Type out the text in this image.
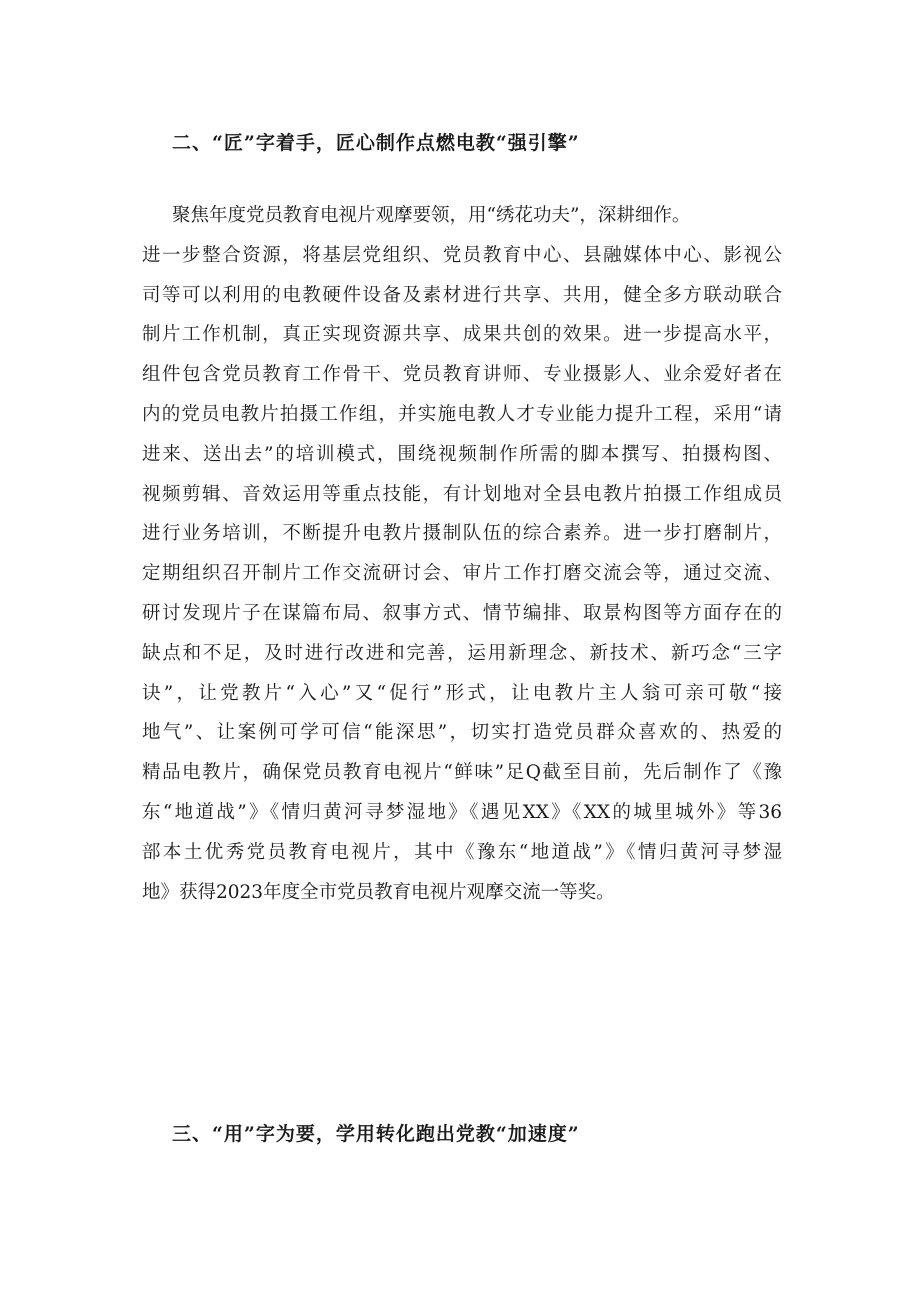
二、“匠”字着手，匠心制作点燃电教“强引擎”
聚焦年度党员教育电视片观摩要领，用“绣花功夫”，深耕细作。
进一步整合资源，将基层党组织、党员教育中心、县融媒体中心、影视公
司等可以利用的电教硬件设备及素材进行共享、共用，健全多方联动联合
制片工作机制，真正实现资源共享、成果共创的效果。进一步提高水平，
组件包含党员教育工作骨干、党员教育讲师、专业摄影人、业余爱好者在
内的党员电教片拍摄工作组，并实施电教人才专业能力提升工程，采用“请
进来、送出去”的培训模式，围绕视频制作所需的脚本撰写、拍摄构图、
视频剪辑、音效运用等重点技能，有计划地对全县电教片拍摄工作组成员
进行业务培训，不断提升电教片摄制队伍的综合素养。进一步打磨制片，
定期组织召开制片工作交流研讨会、审片工作打磨交流会等，通过交流、
研讨发现片子在谋篇布局、叙事方式、情节编排、取景构图等方面存在的
缺点和不足，及时进行改进和完善，运用新理念、新技术、新巧念“三字
诀”，让党教片“入心”又“促行”形式，让电教片主人翁可亲可敬“接
地气”、让案例可学可信“能深思”，切实打造党员群众喜欢的、热爱的
精品电教片，确保党员教育电视片“鲜味”足Q截至目前，先后制作了《豫
东“地道战”》《情归黄河寻梦湿地》《遇见XX》《XX的城里城外》等36
部本土优秀党员教育电视片，其中《豫东“地道战”》《情归黄河寻梦湿
地》获得2023年度全市党员教育电视片观摩交流一等奖。
三、“用”字为要，学用转化跑出党教“加速度”
